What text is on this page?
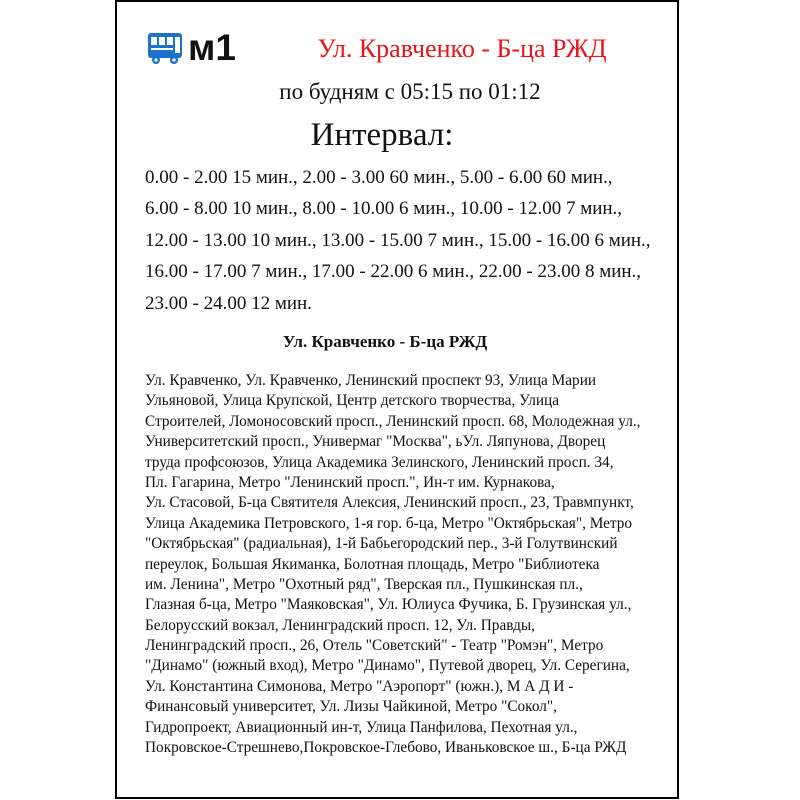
м1	Ул. Кравченко - Б-ца РЖД
по будням с 05:15 по 01:12
Интервал:
0.00 - 2.00 15 мин., 2.00 - 3.00 60 мин., 5.00 - 6.00 60 мин.,
6.00 - 8.00 10 мин., 8.00 - 10.00 6 мин., 10.00 - 12.00 7 мин.,
12.00 - 13.00 10 мин., 13.00 - 15.00 7 мин., 15.00 - 16.00 6 мин.,
16.00 - 17.00 7 мин., 17.00 - 22.00 6 мин., 22.00 - 23.00 8 мин.,
23.00 - 24.00 12 мин.
Ул. Кравченко - Б-ца РЖД
Ул. Кравченко, Ул. Кравченко, Ленинский проспект 93, Улица Марии
Ульяновой, Улица Крупской, Центр детского творчества, Улица
Строителей, Ломоносовский просп., Ленинский просп. 68, Молодежная ул.,
Университетский просп., Универмаг "Москва", ьУл. Ляпунова, Дворец
труда профсоюзов, Улица Академика Зелинского, Ленинский просп. 34,
Пл. Гагарина, Метро "Ленинский просп.", Ин-т им. Курнакова,
Ул. Стасовой, Б-ца Святителя Алексия, Ленинский просп., 23, Травмпункт,
Улица Академика Петровского, 1-я гор. б-ца, Метро "Октябрьская", Метро
"Октябрьская" (радиальная), 1-й Бабьегородский пер., 3-й Голутвинский
переулок, Большая Якиманка, Болотная площадь, Метро "Библиотека
им. Ленина", Метро "Охотный ряд", Тверская пл., Пушкинская пл.,
Глазная б-ца, Метро "Маяковская", Ул. Юлиуса Фучика, Б. Грузинская ул.,
Белорусский вокзал, Ленинградский просп. 12, Ул. Правды,
Ленинградский просп., 26, Отель "Советский" - Театр "Ромэн", Метро
"Динамо" (южный вход), Метро "Динамо", Путевой дворец, Ул. Серегина,
Ул. Константина Симонова, Метро "Аэропорт" (южн.), М А Д И -
Финансовый университет, Ул. Лизы Чайкиной, Метро "Сокол",
Гидропроект, Авиационный ин-т, Улица Панфилова, Пехотная ул.,
Покровское-Стрешнево,Покровское-Глебово, Иваньковское ш., Б-ца РЖД
